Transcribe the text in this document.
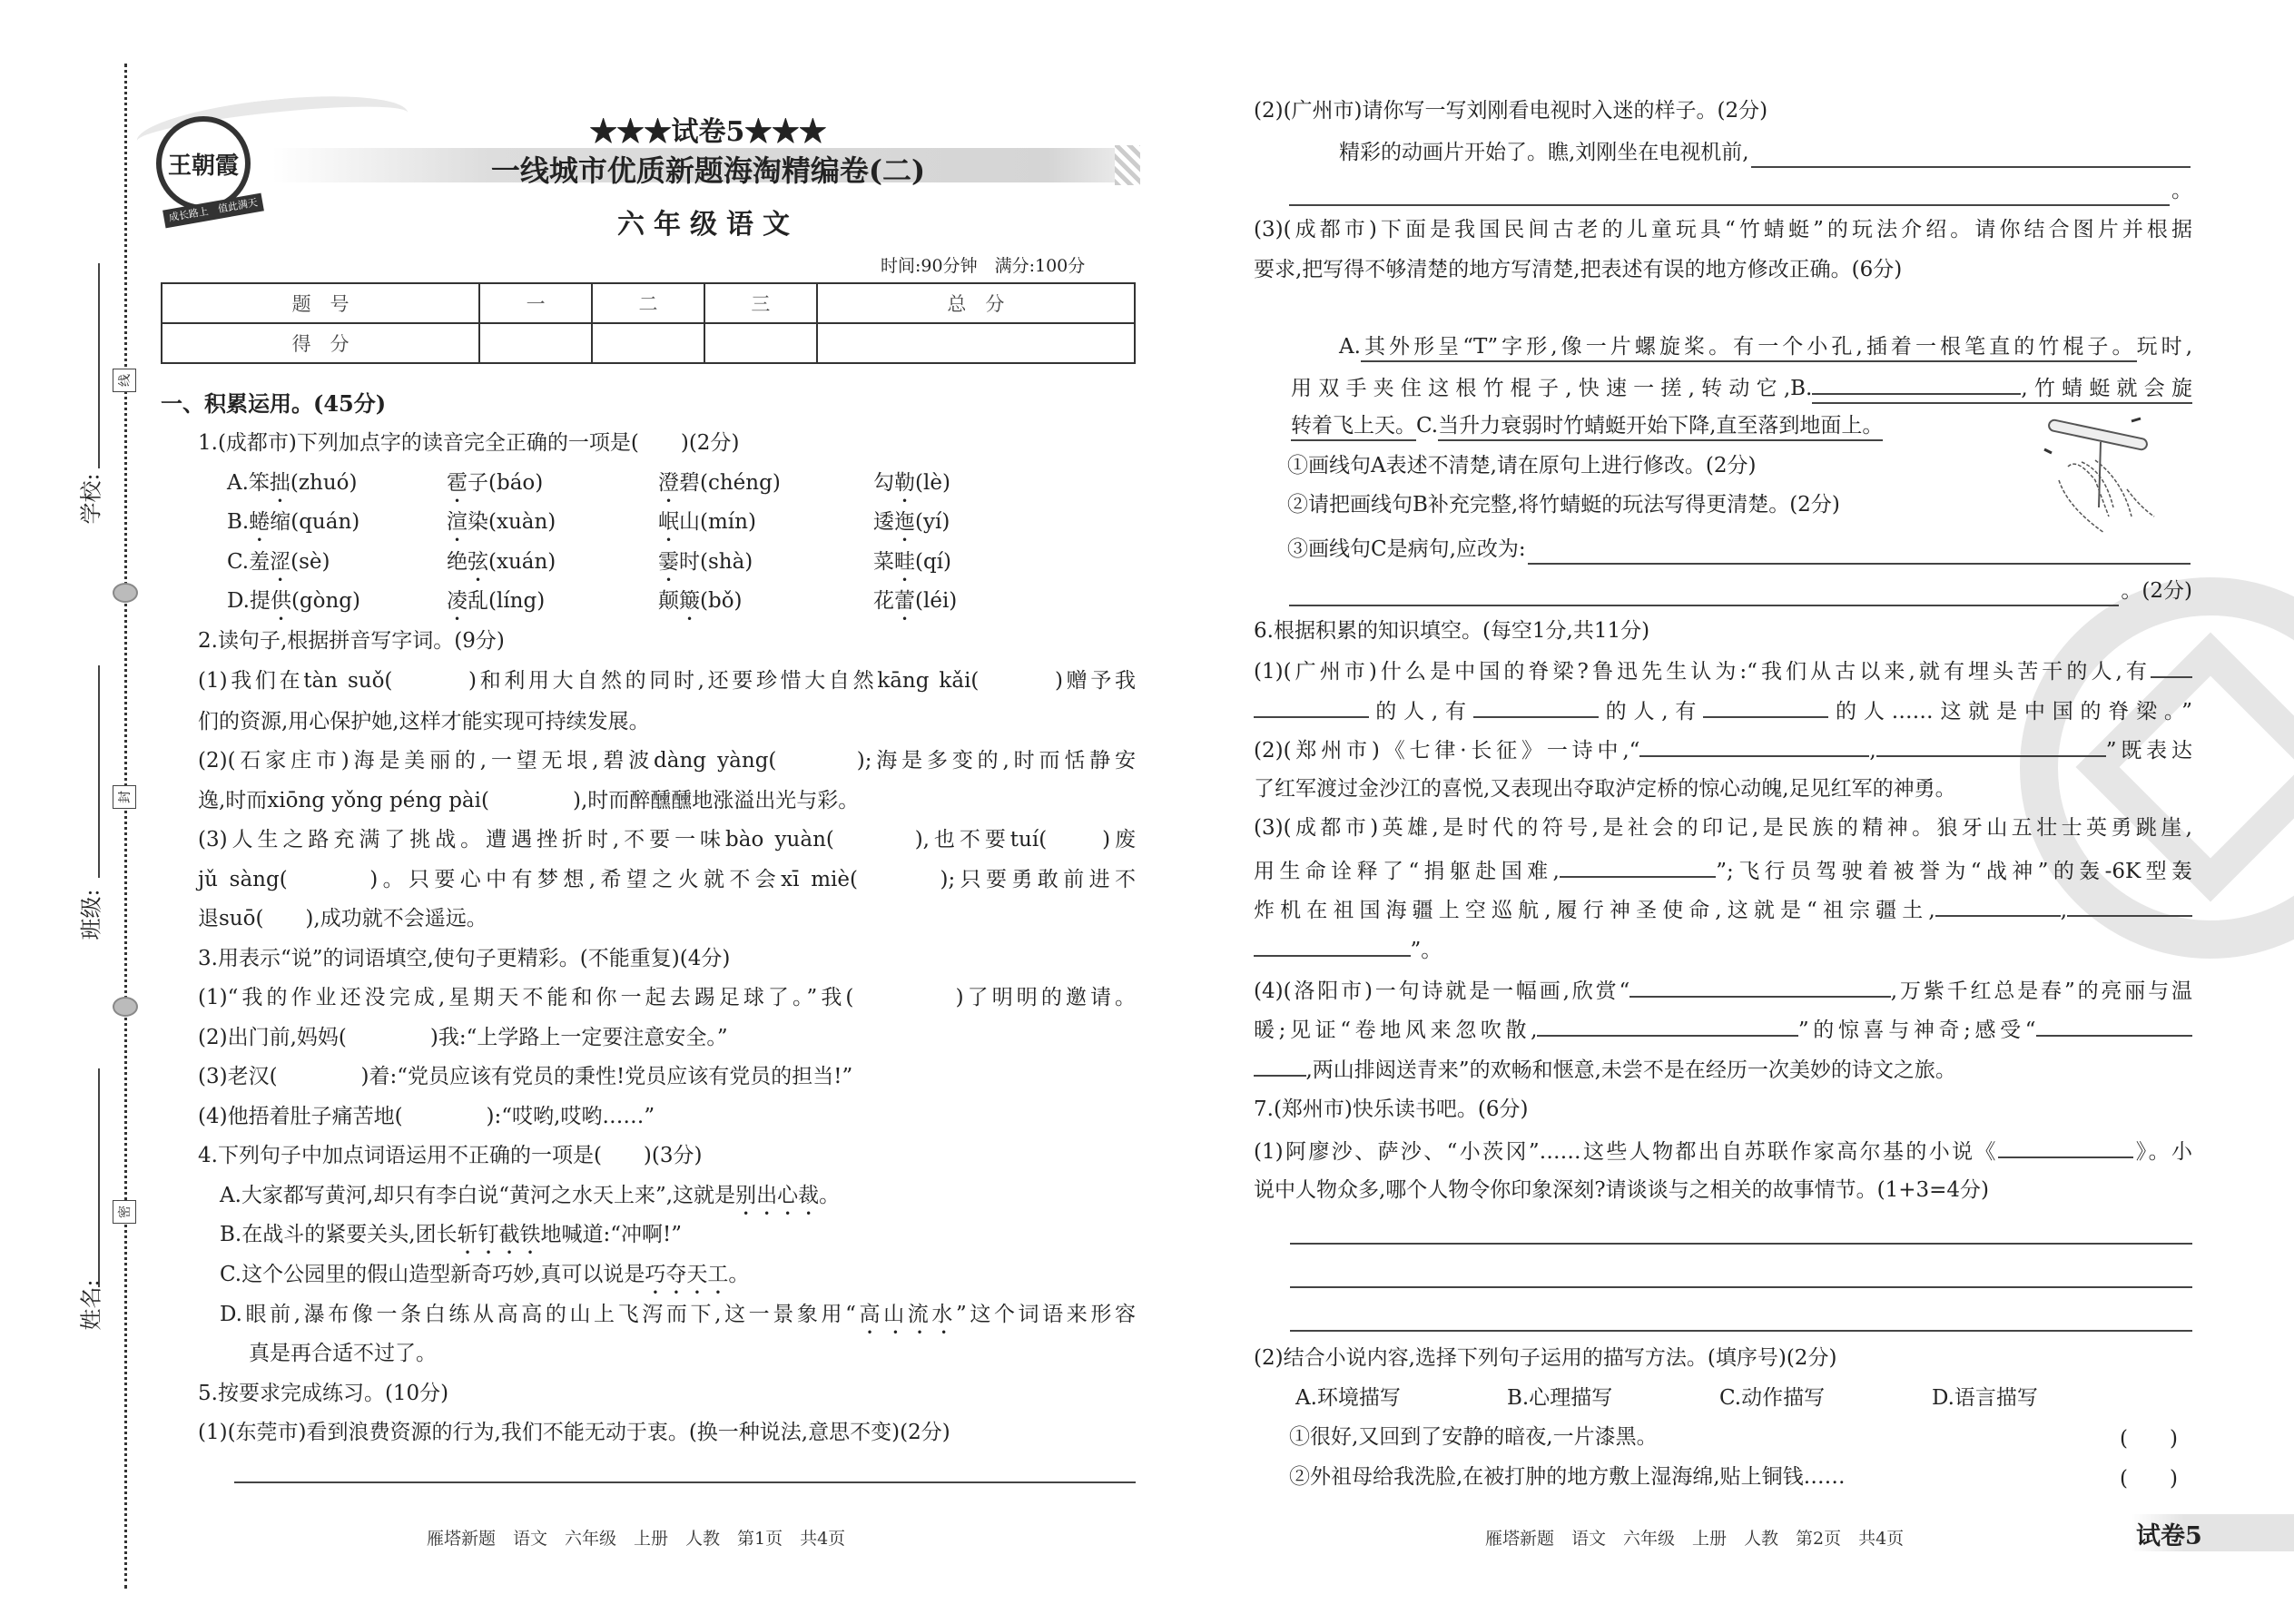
线
封
密
学校:
班级:
姓名:
王朝霞
成长路上　值此满天
★★★试卷5★★★
一线城市优质新题海淘精编卷(二)
六年级语文
时间:90分钟　满分:100分
题　号	一	二	三	总　分
得　分				
一、积累运用。(45分)
1.(成都市)下列加点字的读音完全正确的一项是(　　)(2分)
A.笨拙(zhuó)	雹子(báo)	澄碧(chéng)	勾勒(lè)
B.蜷缩(quán)	渲染(xuàn)	岷山(mín)	逶迤(yí)
C.羞涩(sè)	绝弦(xuán)	霎时(shà)	菜畦(qí)
D.提供(gòng)	凌乱(líng)	颠簸(bǒ)	花蕾(léi)
2.读句子,根据拼音写字词。(9分)
(1)我们在tàn suǒ(　　　)和利用大自然的同时,还要珍惜大自然kāng kǎi(　　　)赠予我
们的资源,用心保护她,这样才能实现可持续发展。
(2)(石家庄市)海是美丽的,一望无垠,碧波dàng yàng(　　　);海是多变的,时而恬静安
逸,时而xiōng yǒng péng pài(　　　　),时而醉醺醺地涨溢出光与彩。
(3)人生之路充满了挑战。遭遇挫折时,不要一味bào yuàn(　　　),也不要tuí(　　)废
jǔ sàng(　　　)。只要心中有梦想,希望之火就不会xī miè(　　　);只要勇敢前进不
退suō(　　),成功就不会遥远。
3.用表示“说”的词语填空,使句子更精彩。(不能重复)(4分)
(1)“我的作业还没完成,星期天不能和你一起去踢足球了。”我(　　　　)了明明的邀请。
(2)出门前,妈妈(　　　　)我:“上学路上一定要注意安全。”
(3)老汉(　　　　)着:“党员应该有党员的秉性!党员应该有党员的担当!”
(4)他捂着肚子痛苦地(　　　　):“哎哟,哎哟……”
4.下列句子中加点词语运用不正确的一项是(　　)(3分)
A.大家都写黄河,却只有李白说“黄河之水天上来”,这就是别出心裁。
B.在战斗的紧要关头,团长斩钉截铁地喊道:“冲啊!”
C.这个公园里的假山造型新奇巧妙,真可以说是巧夺天工。
D.眼前,瀑布像一条白练从高高的山上飞泻而下,这一景象用“高山流水”这个词语来形容
真是再合适不过了。
5.按要求完成练习。(10分)
(1)(东莞市)看到浪费资源的行为,我们不能无动于衷。(换一种说法,意思不变)(2分)
雁塔新题　语文　六年级　上册　人教　第1页　共4页
(2)(广州市)请你写一写刘刚看电视时入迷的样子。(2分)
精彩的动画片开始了。瞧,刘刚坐在电视机前,
。
(3)(成都市)下面是我国民间古老的儿童玩具“竹蜻蜓”的玩法介绍。请你结合图片并根据
要求,把写得不够清楚的地方写清楚,把表述有误的地方修改正确。(6分)
A.其外形呈“T”字形,像一片螺旋桨。有一个小孔,插着一根笔直的竹棍子。玩时,
用双手夹住这根竹棍子,快速一搓,转动它,B.	,竹蜻蜓就会旋
转着飞上天。C.当升力衰弱时竹蜻蜓开始下降,直至落到地面上。
①画线句A表述不清楚,请在原句上进行修改。(2分)
②请把画线句B补充完整,将竹蜻蜓的玩法写得更清楚。(2分)
③画线句C是病句,应改为:
。(2分)
6.根据积累的知识填空。(每空1分,共11分)
(1)(广州市)什么是中国的脊梁?鲁迅先生认为:“我们从古以来,就有埋头苦干的人,有
的人,有	的人,有	的人……这就是中国的脊梁。”
(2)(郑州市)《七律·长征》一诗中,“	,	”既表达
了红军渡过金沙江的喜悦,又表现出夺取泸定桥的惊心动魄,足见红军的神勇。
(3)(成都市)英雄,是时代的符号,是社会的印记,是民族的精神。狼牙山五壮士英勇跳崖,
用生命诠释了“捐躯赴国难,	”;飞行员驾驶着被誉为“战神”的轰-6K型轰
炸机在祖国海疆上空巡航,履行神圣使命,这就是“祖宗疆土,	,
”。
(4)(洛阳市)一句诗就是一幅画,欣赏“	,万紫千红总是春”的亮丽与温
暖;见证“卷地风来忽吹散,	”的惊喜与神奇;感受“
,两山排闼送青来”的欢畅和惬意,未尝不是在经历一次美妙的诗文之旅。
7.(郑州市)快乐读书吧。(6分)
(1)阿廖沙、萨沙、“小茨冈”……这些人物都出自苏联作家高尔基的小说《	》。小
说中人物众多,哪个人物令你印象深刻?请谈谈与之相关的故事情节。(1+3=4分)
(2)结合小说内容,选择下列句子运用的描写方法。(填序号)(2分)
A.环境描写	B.心理描写	C.动作描写	D.语言描写
①很好,又回到了安静的暗夜,一片漆黑。	(　　)
②外祖母给我洗脸,在被打肿的地方敷上湿海绵,贴上铜钱……	(　　)
雁塔新题　语文　六年级　上册　人教　第2页　共4页	试卷5
